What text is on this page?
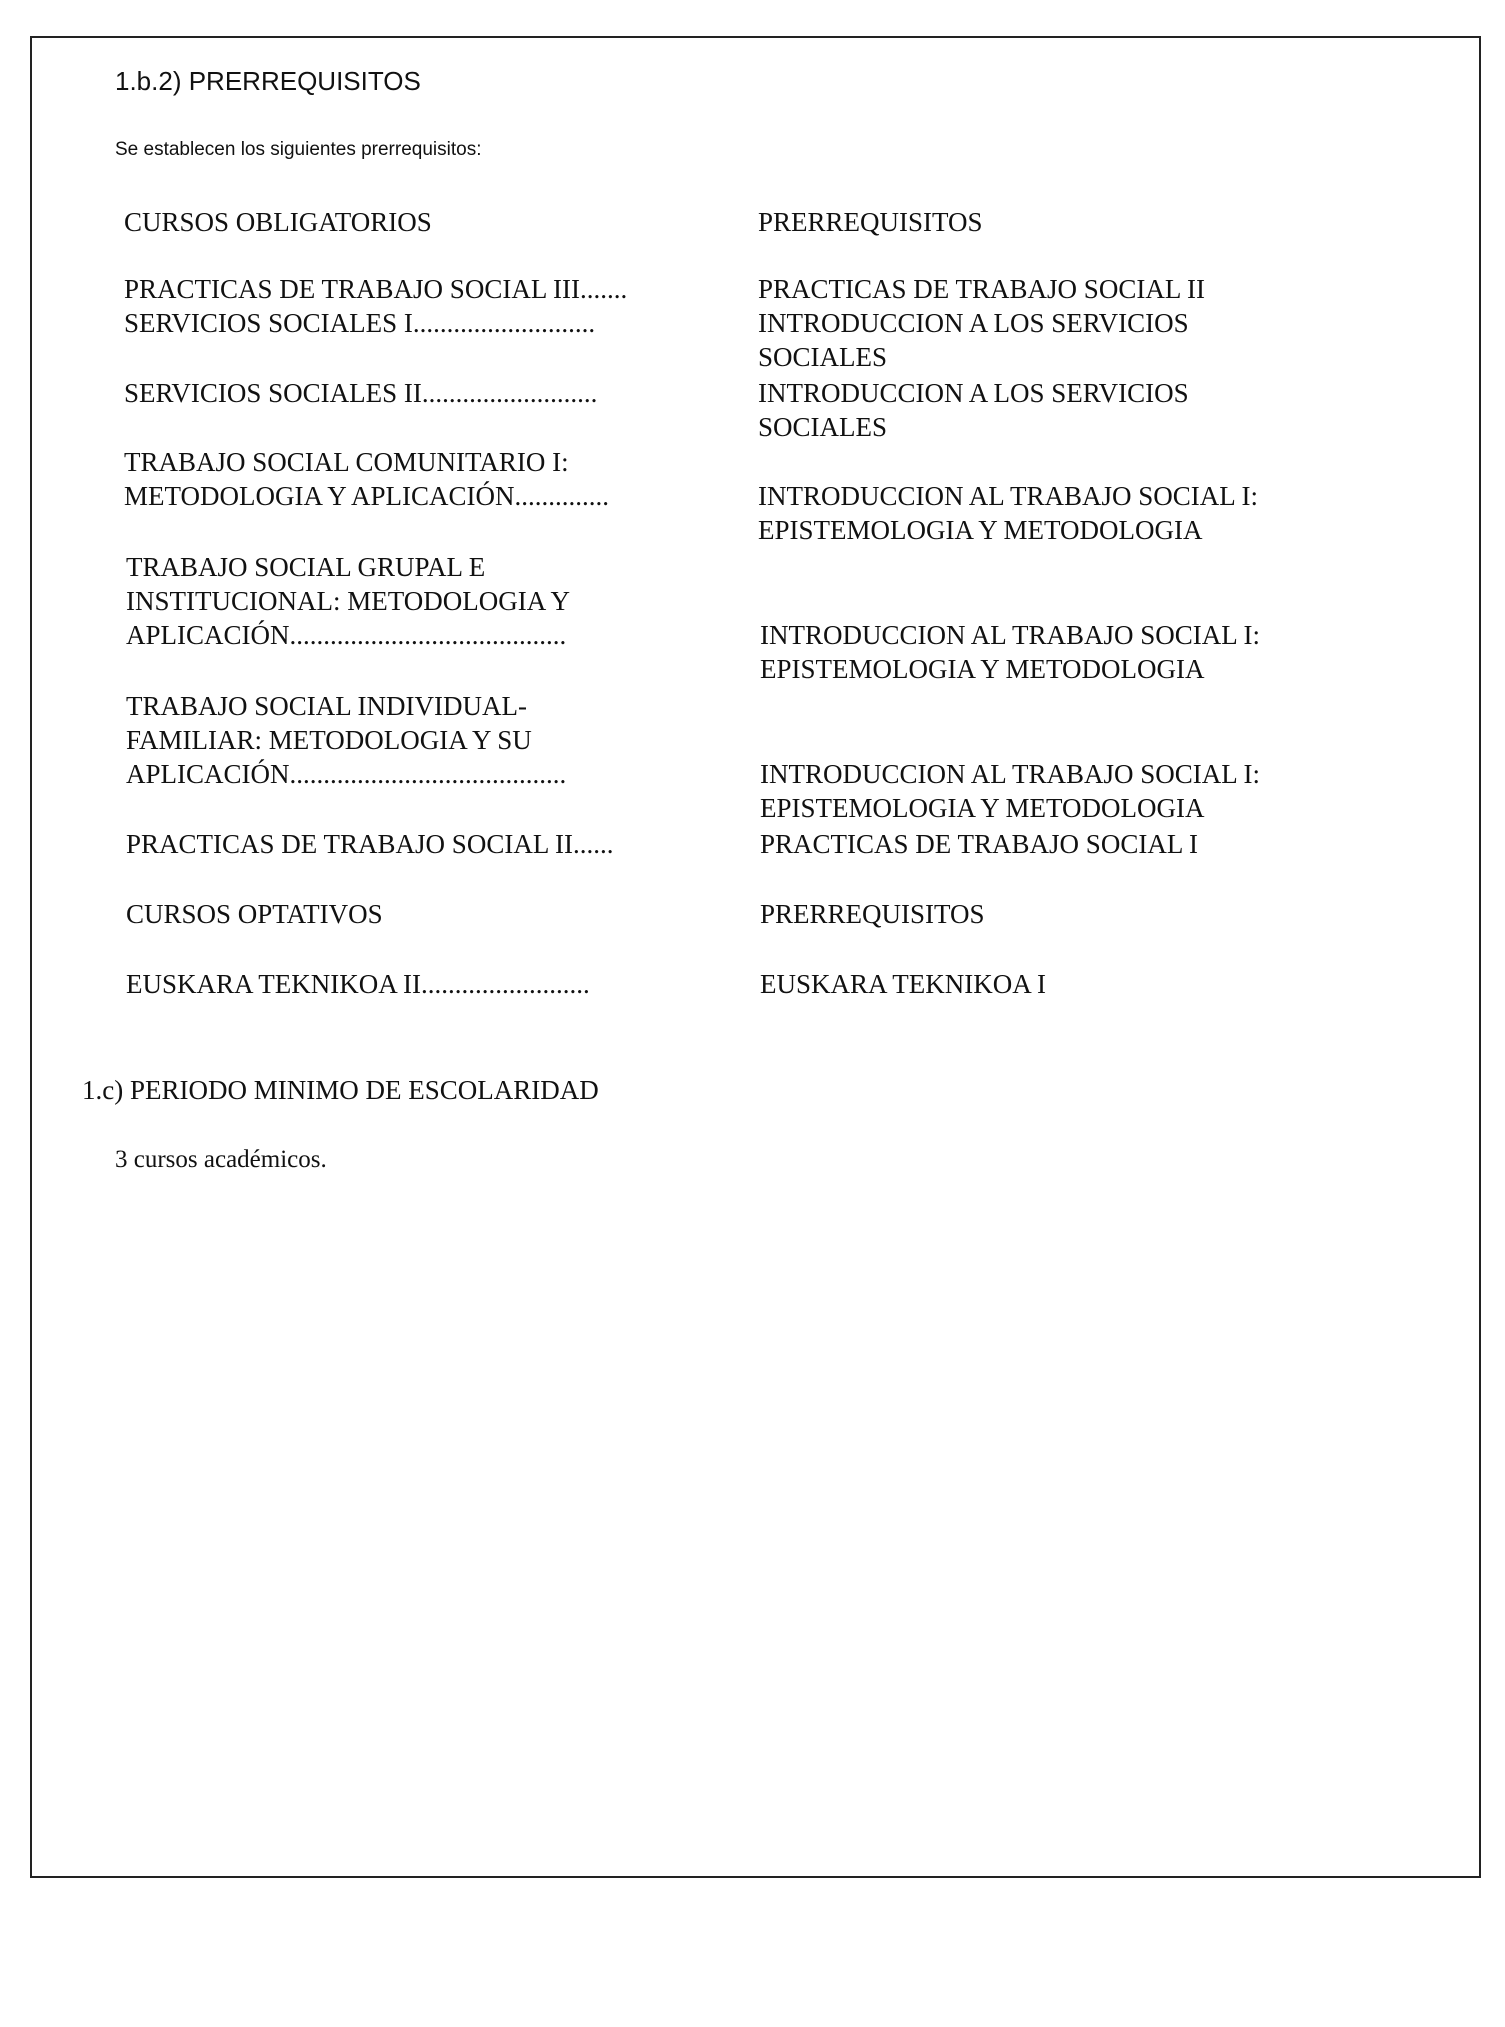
1.b.2) PRERREQUISITOS
Se establecen los siguientes prerrequisitos:
CURSOS OBLIGATORIOS	PRERREQUISITOS
PRACTICAS DE TRABAJO SOCIAL III.......	PRACTICAS DE TRABAJO SOCIAL II
SERVICIOS SOCIALES I...........................	INTRODUCCION A LOS SERVICIOS
SOCIALES
SERVICIOS SOCIALES II..........................	INTRODUCCION A LOS SERVICIOS
SOCIALES
TRABAJO SOCIAL COMUNITARIO I:
METODOLOGIA Y APLICACIÓN..............	INTRODUCCION AL TRABAJO SOCIAL I:
EPISTEMOLOGIA Y METODOLOGIA
TRABAJO SOCIAL GRUPAL E
INSTITUCIONAL: METODOLOGIA Y
APLICACIÓN.........................................	INTRODUCCION AL TRABAJO SOCIAL I:
EPISTEMOLOGIA Y METODOLOGIA
TRABAJO SOCIAL INDIVIDUAL-
FAMILIAR: METODOLOGIA Y SU
APLICACIÓN.........................................	INTRODUCCION AL TRABAJO SOCIAL I:
EPISTEMOLOGIA Y METODOLOGIA
PRACTICAS DE TRABAJO SOCIAL II......	PRACTICAS DE TRABAJO SOCIAL I
CURSOS OPTATIVOS	PRERREQUISITOS
EUSKARA TEKNIKOA II.........................	EUSKARA TEKNIKOA I
1.c) PERIODO MINIMO DE ESCOLARIDAD
3 cursos académicos.
